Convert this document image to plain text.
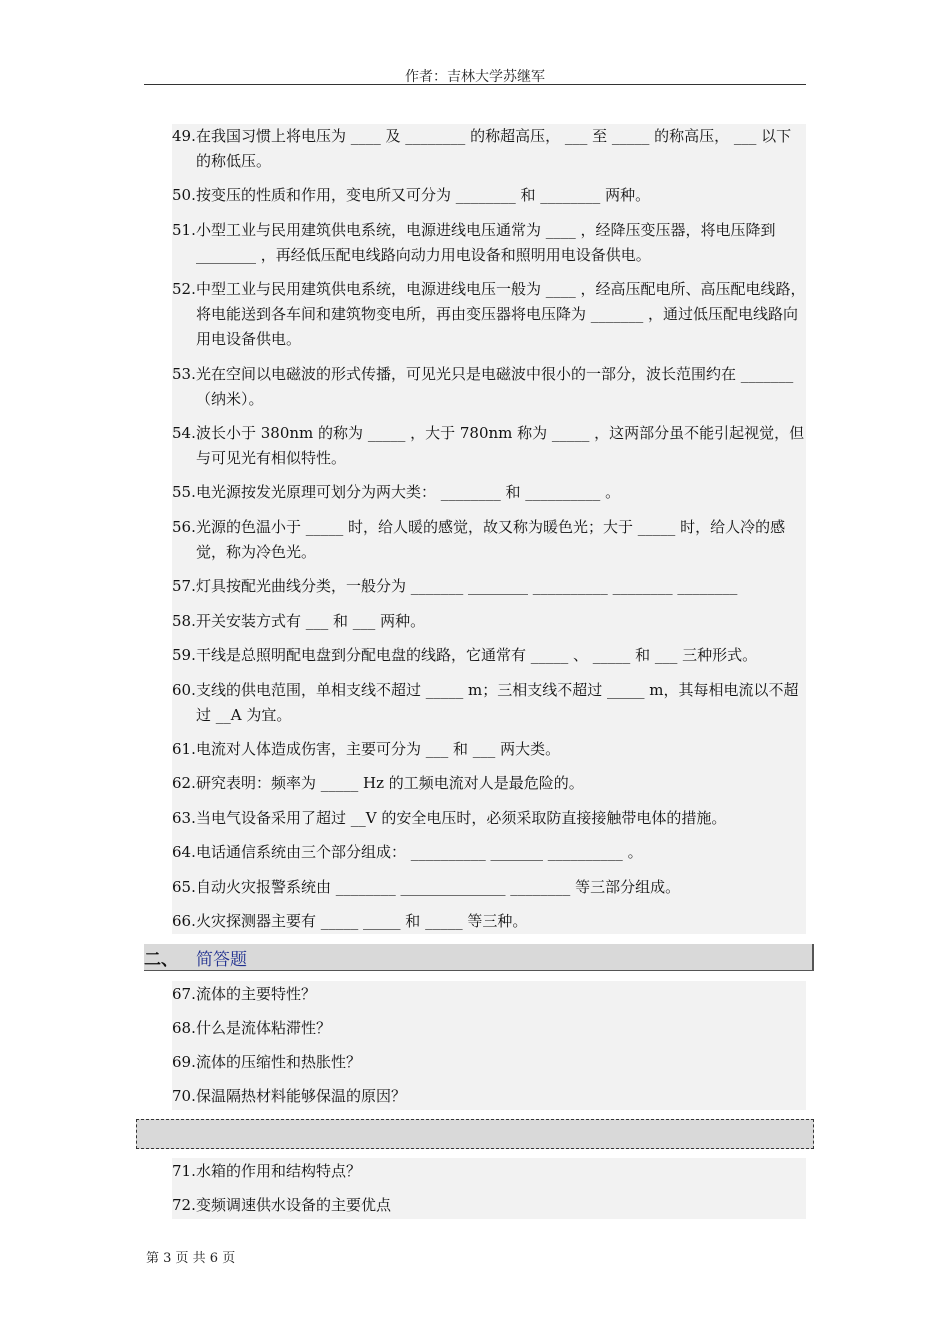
作者：吉林大学苏继军
49. 在我国习惯上将电压为 ____ 及 ________ 的称超高压， ___ 至 _____ 的称高压， ___ 以下的称低压。
50. 按变压的性质和作用，变电所又可分为 ________ 和 ________ 两种。
51. 小型工业与民用建筑供电系统，电源进线电压通常为 ____ ，经降压变压器，将电压降到 ________ ，再经低压配电线路向动力用电设备和照明用电设备供电。
52. 中型工业与民用建筑供电系统，电源进线电压一般为 ____ ，经高压配电所、高压配电线路，将电能送到各车间和建筑物变电所，再由变压器将电压降为 _______ ，通过低压配电线路向用电设备供电。
53. 光在空间以电磁波的形式传播，可见光只是电磁波中很小的一部分，波长范围约在 _______ （纳米）。
54. 波长小于 380nm 的称为 _____ ，大于 780nm 称为 _____ ，这两部分虽不能引起视觉，但与可见光有相似特性。
55. 电光源按发光原理可划分为两大类： ________ 和 __________ 。
56. 光源的色温小于 _____ 时，给人暖的感觉，故又称为暖色光；大于 _____ 时，给人冷的感觉，称为冷色光。
57. 灯具按配光曲线分类，一般分为 _______ ________ __________ ________ ________
58. 开关安装方式有 ___ 和 ___ 两种。
59. 干线是总照明配电盘到分配电盘的线路，它通常有 _____ 、 _____ 和 ___ 三种形式。
60. 支线的供电范围，单相支线不超过 _____ m；三相支线不超过 _____ m，其每相电流以不超过 __A 为宜。
61. 电流对人体造成伤害，主要可分为 ___ 和 ___ 两大类。
62. 研究表明：频率为 _____ Hz 的工频电流对人是最危险的。
63. 当电气设备采用了超过 __V 的安全电压时，必须采取防直接接触带电体的措施。
64. 电话通信系统由三个部分组成： __________ _______ __________ 。
65. 自动火灾报警系统由 ________ ______________ ________ 等三部分组成。
66. 火灾探测器主要有 _____ _____ 和 _____ 等三种。
二、 简答题
67. 流体的主要特性？
68. 什么是流体粘滞性？
69. 流体的压缩性和热胀性？
70. 保温隔热材料能够保温的原因？
71. 水箱的作用和结构特点？
72. 变频调速供水设备的主要优点
第 3 页 共 6 页
